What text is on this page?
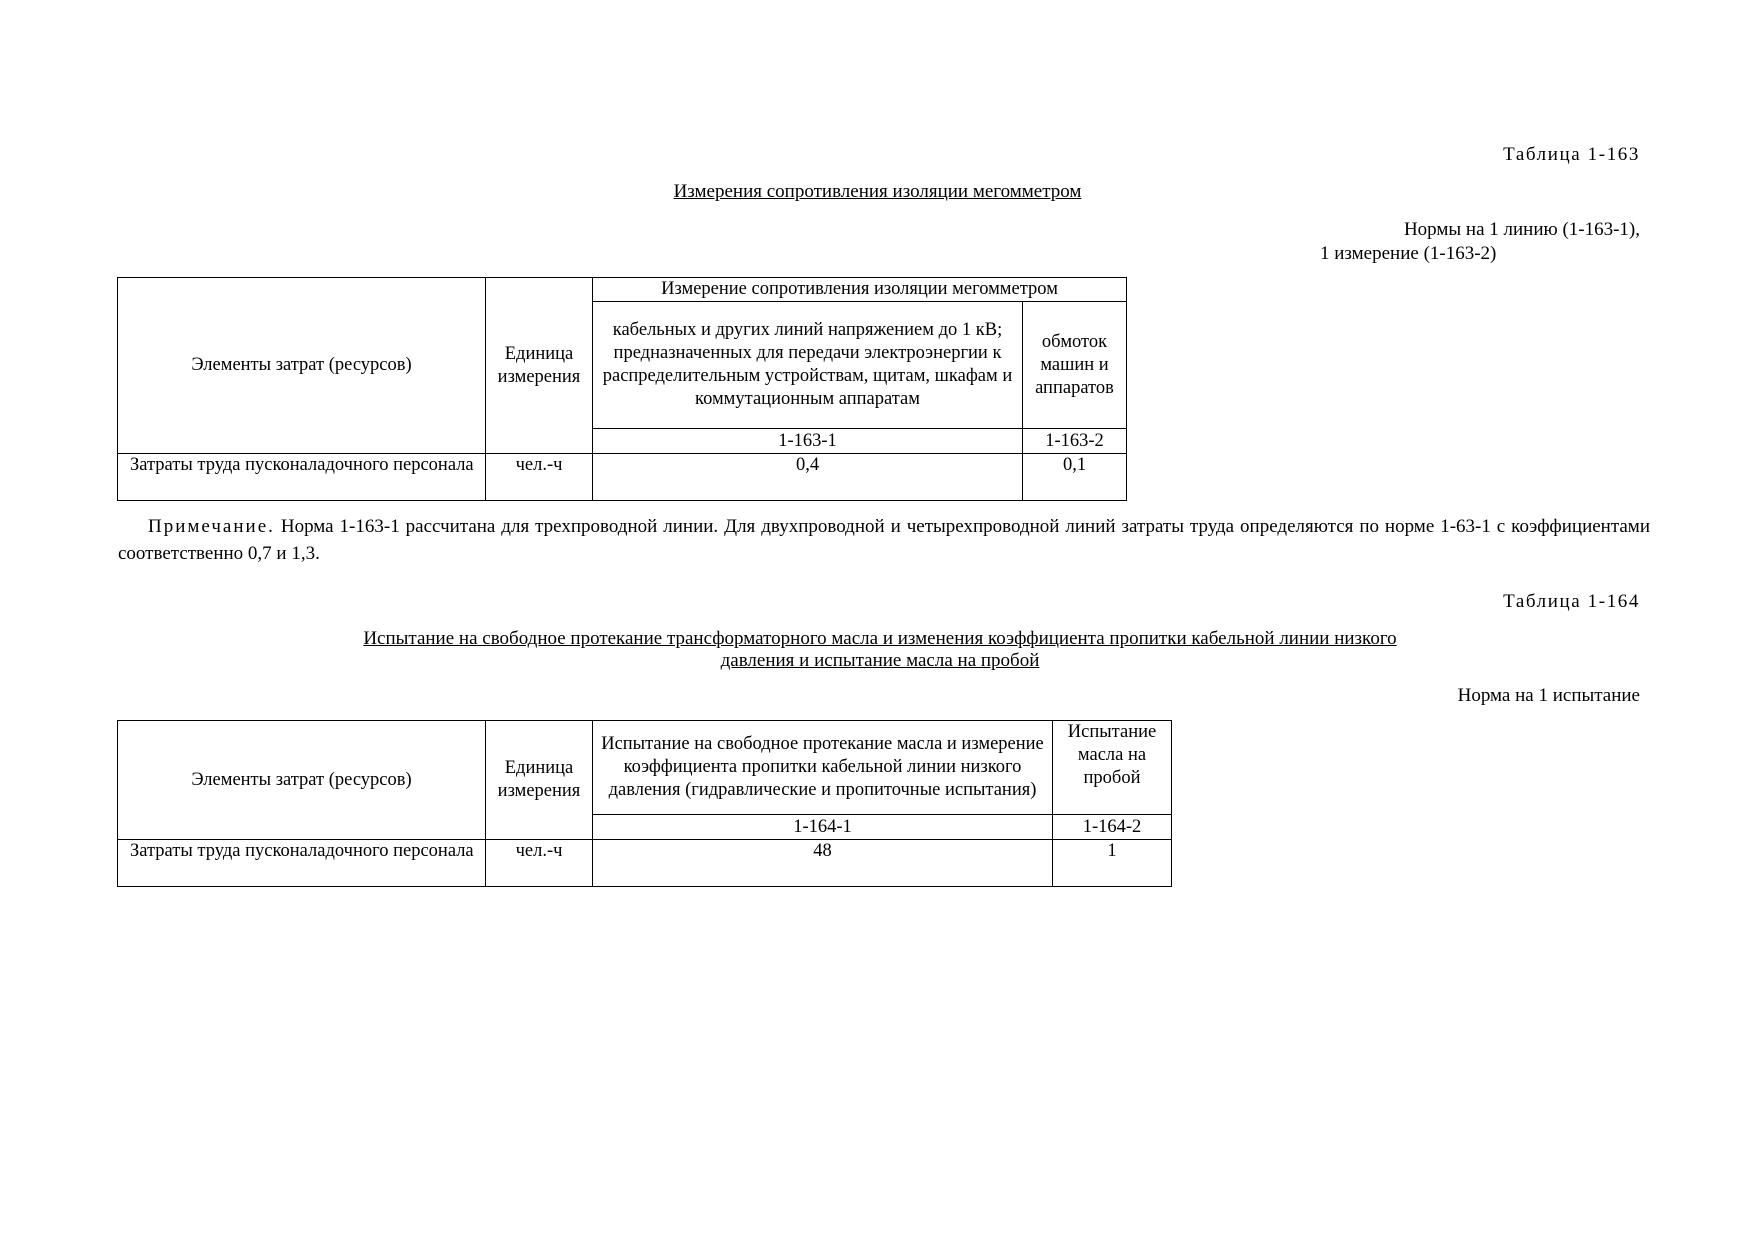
Таблица 1-163
Измерения сопротивления изоляции мегомметром
Нормы на 1 линию (1-163-1),
1 измерение (1-163-2)
Элементы затрат (ресурсов)	Единица измерения	Измерение сопротивления изоляции мегомметром	
		кабельных и других линий напряжением до 1 кВ; предназначенных для передачи электроэнергии к распределительным устройствам, щитам, шкафам и коммутационным аппаратам	обмоток машин и аппаратов
		1-163-1	1-163-2
Затраты труда пусконаладочного персонала	чел.-ч	0,4	0,1
Примечание. Норма 1-163-1 рассчитана для трехпроводной линии. Для двухпроводной и четырехпроводной линий затраты труда определяются по норме 1-63-1 с коэффициентами соответственно 0,7 и 1,3.
Таблица 1-164
Испытание на свободное протекание трансформаторного масла и изменения коэффициента пропитки кабельной линии низкого
давления и испытание масла на пробой
Норма на 1 испытание
Элементы затрат (ресурсов)	Единица измерения	Испытание на свободное протекание масла и измерение коэффициента пропитки кабельной линии низкого давления (гидравлические и пропиточные испытания)	Испытание масла на пробой
		1-164-1	1-164-2
Затраты труда пусконаладочного персонала	чел.-ч	48	1
